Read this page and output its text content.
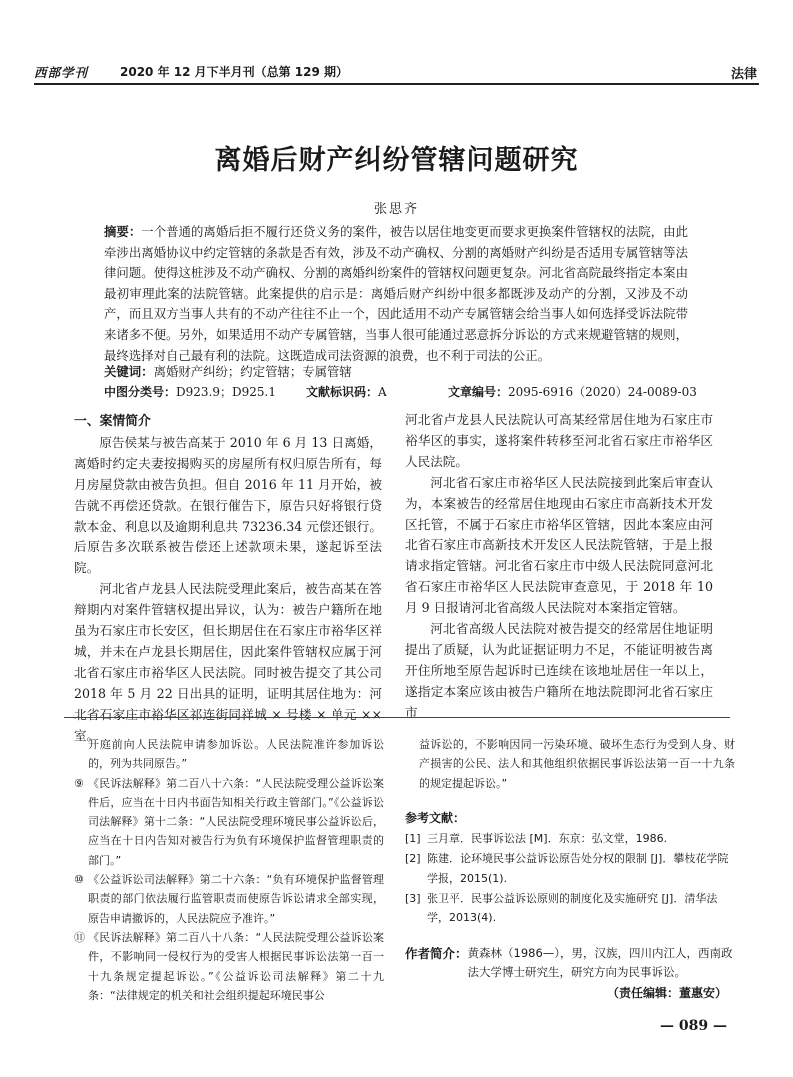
西部学刊	2020 年 12 月下半月刊（总第 129 期）	法律
离婚后财产纠纷管辖问题研究
张思齐
摘要：一个普通的离婚后拒不履行还贷义务的案件，被告以居住地变更而要求更换案件管辖权的法院，由此牵涉出离婚协议中约定管辖的条款是否有效，涉及不动产确权、分割的离婚财产纠纷是否适用专属管辖等法律问题。使得这桩涉及不动产确权、分割的离婚纠纷案件的管辖权问题更复杂。河北省高院最终指定本案由最初审理此案的法院管辖。此案提供的启示是：离婚后财产纠纷中很多都既涉及动产的分割，又涉及不动产，而且双方当事人共有的不动产往往不止一个，因此适用不动产专属管辖会给当事人如何选择受诉法院带来诸多不便。另外，如果适用不动产专属管辖，当事人很可能通过恶意拆分诉讼的方式来规避管辖的规则，最终选择对自己最有利的法院。这既造成司法资源的浪费，也不利于司法的公正。
关键词：离婚财产纠纷；约定管辖；专属管辖
中图分类号：D923.9；D925.1	文献标识码：A	文章编号：2095-6916（2020）24-0089-03
一、案情简介

原告侯某与被告高某于 2010 年 6 月 13 日离婚，离婚时约定夫妻按揭购买的房屋所有权归原告所有，每月房屋贷款由被告负担。但自 2016 年 11 月开始，被告就不再偿还贷款。在银行催告下，原告只好将银行贷款本金、利息以及逾期利息共 73236.34 元偿还银行。后原告多次联系被告偿还上述款项未果，遂起诉至法院。

河北省卢龙县人民法院受理此案后，被告高某在答辩期内对案件管辖权提出异议，认为：被告户籍所在地虽为石家庄市长安区，但长期居住在石家庄市裕华区祥城，并未在卢龙县长期居住，因此案件管辖权应属于河北省石家庄市裕华区人民法院。同时被告提交了其公司 2018 年 5 月 22 日出具的证明，证明其居住地为：河北省石家庄市裕华区祁连街同祥城 × 号楼 × 单元 ×× 室。

河北省卢龙县人民法院认可高某经常居住地为石家庄市裕华区的事实，遂将案件转移至河北省石家庄市裕华区人民法院。

河北省石家庄市裕华区人民法院接到此案后审查认为，本案被告的经常居住地现由石家庄市高新技术开发区托管，不属于石家庄市裕华区管辖，因此本案应由河北省石家庄市高新技术开发区人民法院管辖，于是上报请求指定管辖。河北省石家庄市中级人民法院同意河北省石家庄市裕华区人民法院审查意见，于 2018 年 10 月 9 日报请河北省高级人民法院对本案指定管辖。

河北省高级人民法院对被告提交的经常居住地证明提出了质疑，认为此证据证明力不足，不能证明被告离开住所地至原告起诉时已连续在该地址居住一年以上，遂指定本案应该由被告户籍所在地法院即河北省石家庄市

开庭前向人民法院申请参加诉讼。人民法院准许参加诉讼的，列为共同原告。”
⑨ 《民诉法解释》第二百八十六条：“人民法院受理公益诉讼案件后，应当在十日内书面告知相关行政主管部门。”《公益诉讼司法解释》第十二条：“人民法院受理环境民事公益诉讼后，应当在十日内告知对被告行为负有环境保护监督管理职责的部门。”
⑩ 《公益诉讼司法解释》第二十六条：“负有环境保护监督管理职责的部门依法履行监管职责而使原告诉讼请求全部实现，原告申请撤诉的，人民法院应予准许。”
⑪ 《民诉法解释》第二百八十八条：“人民法院受理公益诉讼案件，不影响同一侵权行为的受害人根据民事诉讼法第一百一十九条规定提起诉讼。”《公益诉讼司法解释》第二十九条：“法律规定的机关和社会组织提起环境民事公
益诉讼的，不影响因同一污染环境、破坏生态行为受到人身、财产损害的公民、法人和其他组织依据民事诉讼法第一百一十九条的规定提起诉讼。”
参考文献：
[1] 三月章．民事诉讼法 [M]．东京：弘文堂，1986.
[2] 陈建．论环境民事公益诉讼原告处分权的限制 [J]．攀枝花学院学报，2015(1).
[3] 张卫平．民事公益诉讼原则的制度化及实施研究 [J]．清华法学，2013(4).
作者简介： 黄森林（1986—），男，汉族，四川内江人，西南政法大学博士研究生，研究方向为民事诉讼。
（责任编辑：董惠安）
— 089 —
